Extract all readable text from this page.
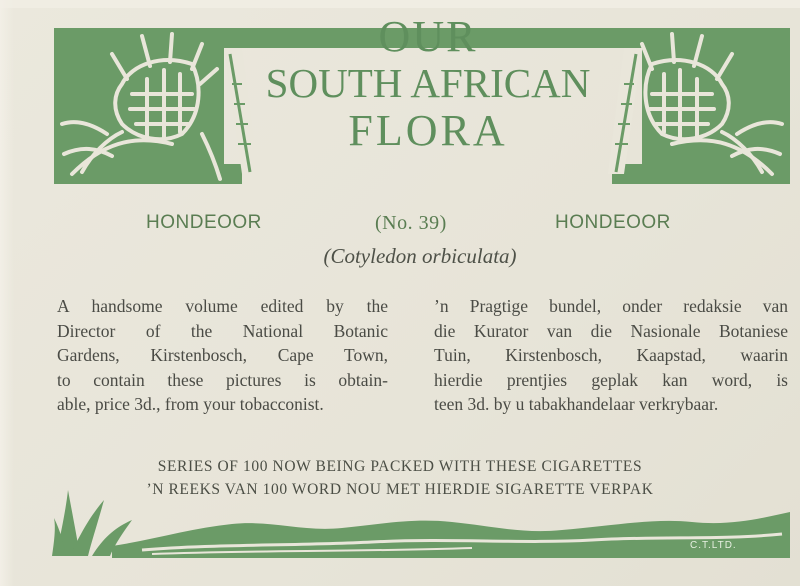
OUR
SOUTH AFRICAN
FLORA
HONDEOOR	(No. 39)	HONDEOOR
(Cotyledon orbiculata)
A handsome volume edited by the
Director of the National Botanic
Gardens, Kirstenbosch, Cape Town,
to contain these pictures is obtain-
able, price 3d., from your tobacconist.
’n Pragtige bundel, onder redaksie van
die Kurator van die Nasionale Botaniese
Tuin, Kirstenbosch, Kaapstad, waarin
hierdie prentjies geplak kan word, is
teen 3d. by u tabakhandelaar verkrybaar.
SERIES OF 100 NOW BEING PACKED WITH THESE CIGARETTES
’N REEKS VAN 100 WORD NOU MET HIERDIE SIGARETTE VERPAK
C.T.LTD.
